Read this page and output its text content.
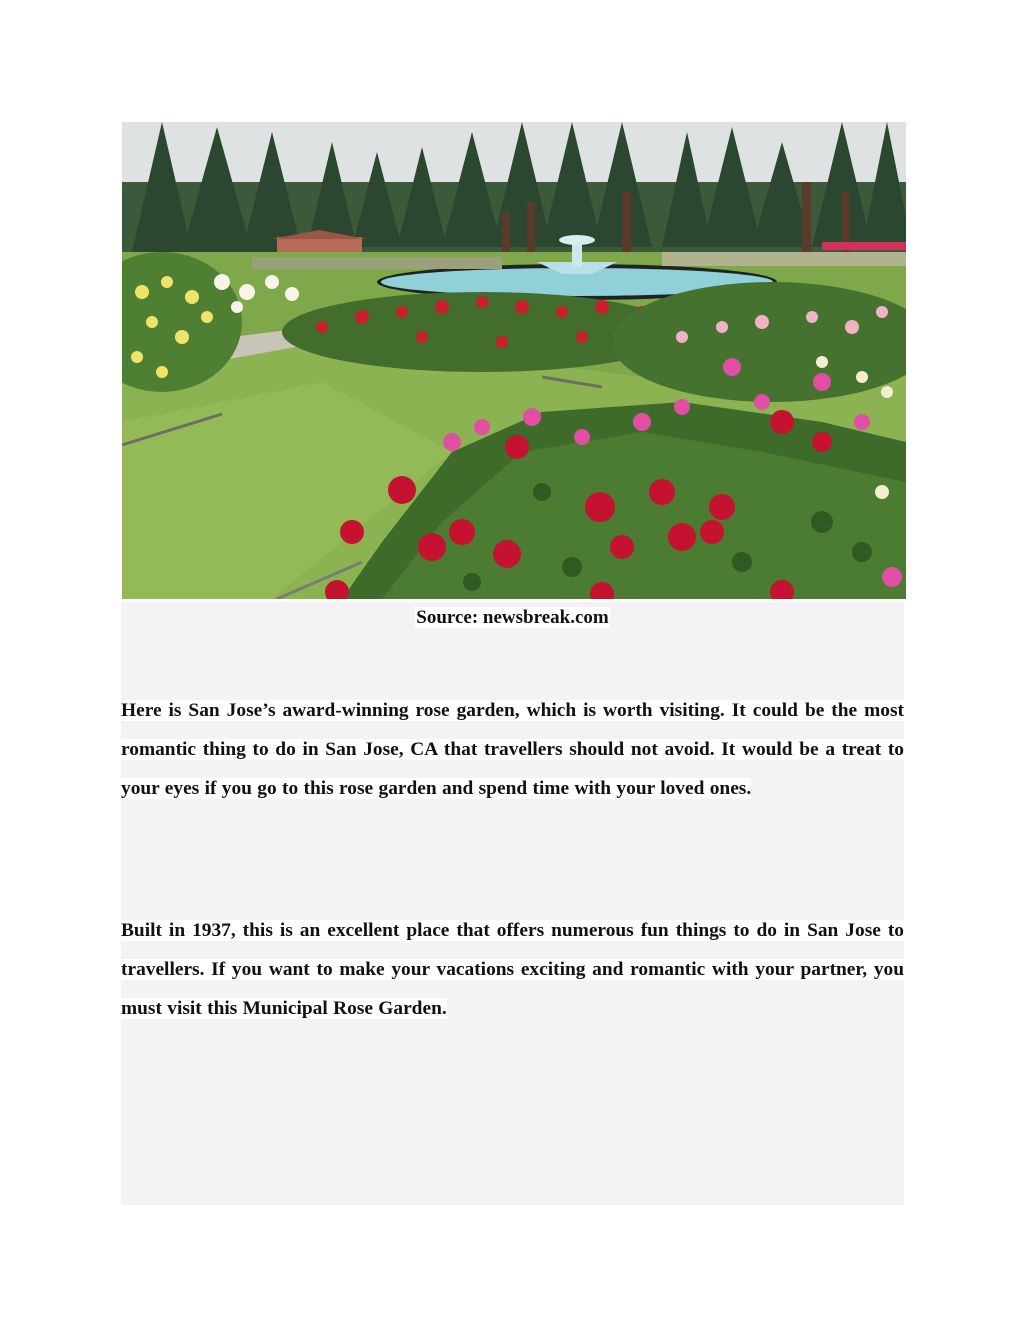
Source: newsbreak.com
Here is San Jose’s award-winning rose garden, which is worth visiting. It could be the most romantic thing to do in San Jose, CA that travellers should not avoid. It would be a treat to your eyes if you go to this rose garden and spend time with your loved ones.
Built in 1937, this is an excellent place that offers numerous fun things to do in San Jose to travellers. If you want to make your vacations exciting and romantic with your partner, you must visit this Municipal Rose Garden.
